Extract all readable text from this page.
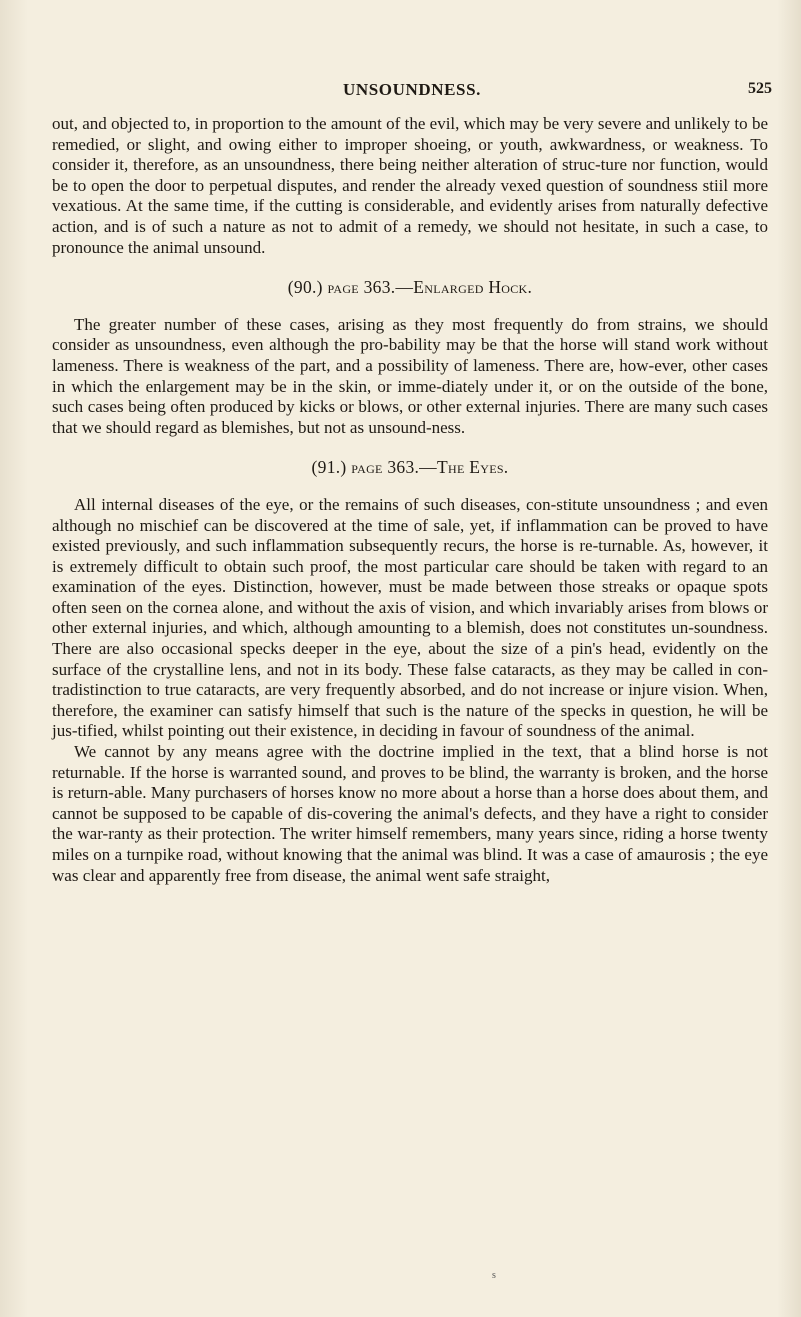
UNSOUNDNESS.	525

out, and objected to, in proportion to the amount of the evil, which may be very severe and unlikely to be remedied, or slight, and owing either to improper shoeing, or youth, awkwardness, or weakness. To consider it, therefore, as an unsoundness, there being neither alteration of struc-ture nor function, would be to open the door to perpetual disputes, and render the already vexed question of soundness stiil more vexatious. At the same time, if the cutting is considerable, and evidently arises from naturally defective action, and is of such a nature as not to admit of a remedy, we should not hesitate, in such a case, to pronounce the animal unsound.

(90.) page 363.—Enlarged Hock.

The greater number of these cases, arising as they most frequently do from strains, we should consider as unsoundness, even although the pro-bability may be that the horse will stand work without lameness. There is weakness of the part, and a possibility of lameness. There are, how-ever, other cases in which the enlargement may be in the skin, or imme-diately under it, or on the outside of the bone, such cases being often produced by kicks or blows, or other external injuries. There are many such cases that we should regard as blemishes, but not as unsound-ness.

(91.) page 363.—The Eyes.

All internal diseases of the eye, or the remains of such diseases, con-stitute unsoundness ; and even although no mischief can be discovered at the time of sale, yet, if inflammation can be proved to have existed previously, and such inflammation subsequently recurs, the horse is re-turnable. As, however, it is extremely difficult to obtain such proof, the most particular care should be taken with regard to an examination of the eyes. Distinction, however, must be made between those streaks or opaque spots often seen on the cornea alone, and without the axis of vision, and which invariably arises from blows or other external injuries, and which, although amounting to a blemish, does not constitutes un-soundness. There are also occasional specks deeper in the eye, about the size of a pin's head, evidently on the surface of the crystalline lens, and not in its body. These false cataracts, as they may be called in con-tradistinction to true cataracts, are very frequently absorbed, and do not increase or injure vision. When, therefore, the examiner can satisfy himself that such is the nature of the specks in question, he will be jus-tified, whilst pointing out their existence, in deciding in favour of soundness of the animal.

We cannot by any means agree with the doctrine implied in the text, that a blind horse is not returnable. If the horse is warranted sound, and proves to be blind, the warranty is broken, and the horse is return-able. Many purchasers of horses know no more about a horse than a horse does about them, and cannot be supposed to be capable of dis-covering the animal's defects, and they have a right to consider the war-ranty as their protection. The writer himself remembers, many years since, riding a horse twenty miles on a turnpike road, without knowing that the animal was blind. It was a case of amaurosis ; the eye was clear and apparently free from disease, the animal went safe straight,

s
